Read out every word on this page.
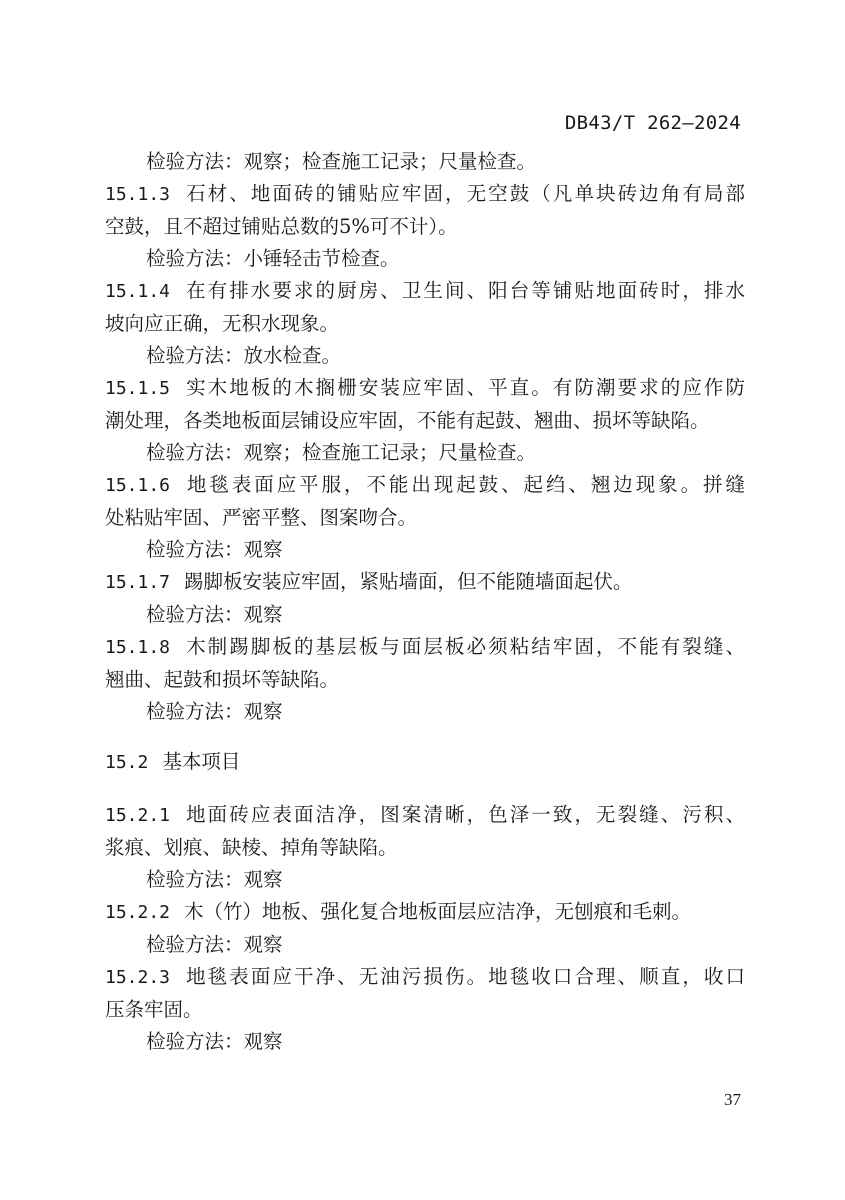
DB43/T 262—2024
检验方法：观察；检查施工记录；尺量检查。
15.1.3 石材、地面砖的铺贴应牢固，无空鼓（凡单块砖边角有局部
空鼓，且不超过铺贴总数的5%可不计）。
检验方法：小锤轻击节检查。
15.1.4 在有排水要求的厨房、卫生间、阳台等铺贴地面砖时，排水
坡向应正确，无积水现象。
检验方法：放水检查。
15.1.5 实木地板的木搁栅安装应牢固、平直。有防潮要求的应作防
潮处理，各类地板面层铺设应牢固，不能有起鼓、翘曲、损坏等缺陷。
检验方法：观察；检查施工记录；尺量检查。
15.1.6 地毯表面应平服，不能出现起鼓、起绉、翘边现象。拼缝
处粘贴牢固、严密平整、图案吻合。
检验方法：观察
15.1.7 踢脚板安装应牢固，紧贴墙面，但不能随墙面起伏。
检验方法：观察
15.1.8 木制踢脚板的基层板与面层板必须粘结牢固，不能有裂缝、
翘曲、起鼓和损坏等缺陷。
检验方法：观察
15.2 基本项目
15.2.1 地面砖应表面洁净，图案清晰，色泽一致，无裂缝、污积、
浆痕、划痕、缺棱、掉角等缺陷。
检验方法：观察
15.2.2 木（竹）地板、强化复合地板面层应洁净，无刨痕和毛刺。
检验方法：观察
15.2.3 地毯表面应干净、无油污损伤。地毯收口合理、顺直，收口
压条牢固。
检验方法：观察
37
